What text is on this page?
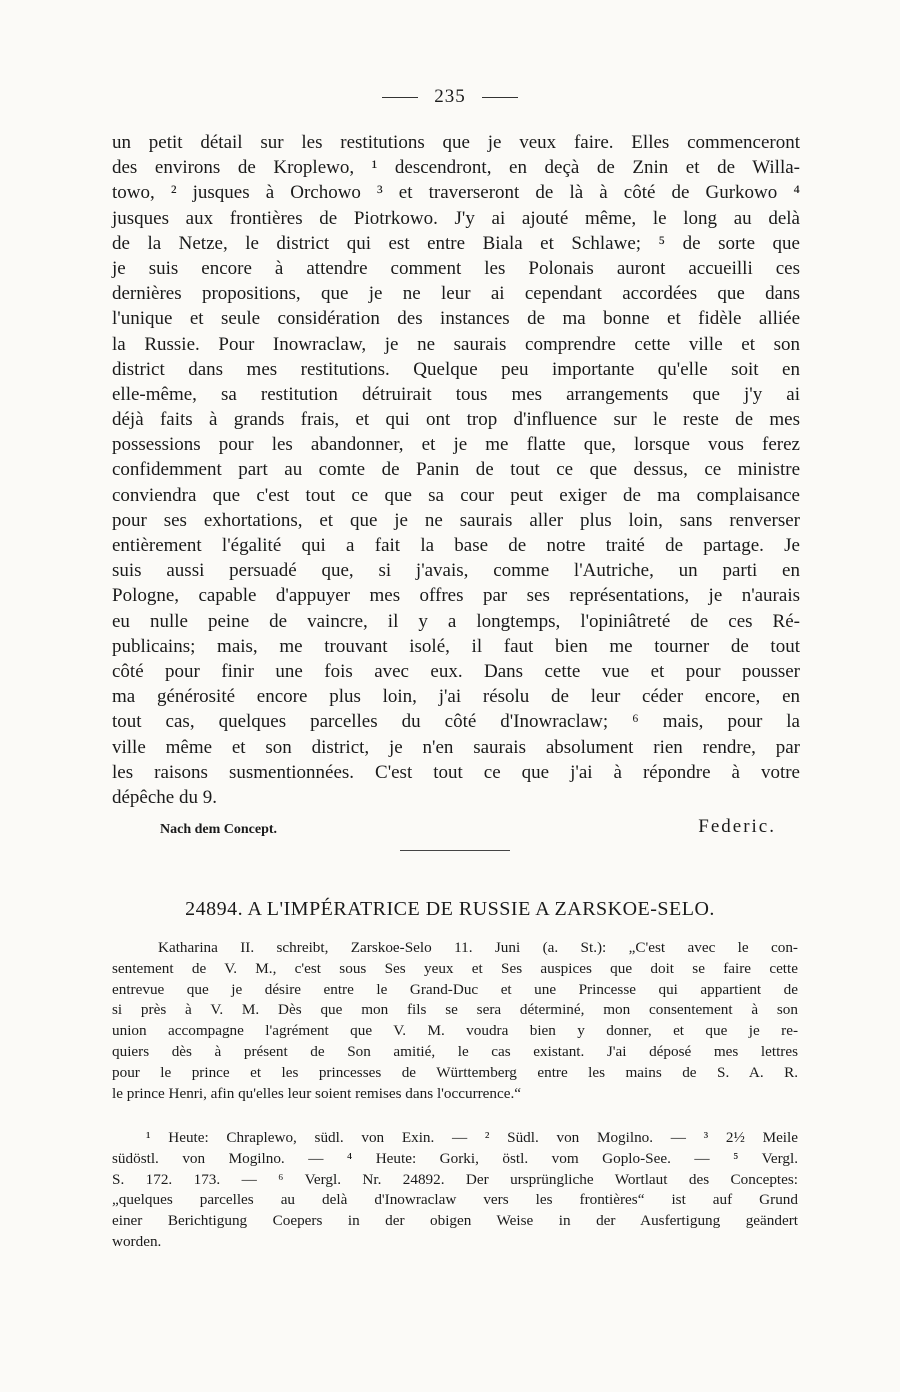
235
un petit détail sur les restitutions que je veux faire. Elles commenceront
des environs de Kroplewo, ¹ descendront, en deçà de Znin et de Willa-
towo, ² jusques à Orchowo ³ et traverseront de là à côté de Gurkowo ⁴
jusques aux frontières de Piotrkowo. J'y ai ajouté même, le long au delà
de la Netze, le district qui est entre Biala et Schlawe; ⁵ de sorte que
je suis encore à attendre comment les Polonais auront accueilli ces
dernières propositions, que je ne leur ai cependant accordées que dans
l'unique et seule considération des instances de ma bonne et fidèle alliée
la Russie. Pour Inowraclaw, je ne saurais comprendre cette ville et son
district dans mes restitutions. Quelque peu importante qu'elle soit en
elle-même, sa restitution détruirait tous mes arrangements que j'y ai
déjà faits à grands frais, et qui ont trop d'influence sur le reste de mes
possessions pour les abandonner, et je me flatte que, lorsque vous ferez
confidemment part au comte de Panin de tout ce que dessus, ce ministre
conviendra que c'est tout ce que sa cour peut exiger de ma complaisance
pour ses exhortations, et que je ne saurais aller plus loin, sans renverser
entièrement l'égalité qui a fait la base de notre traité de partage. Je
suis aussi persuadé que, si j'avais, comme l'Autriche, un parti en
Pologne, capable d'appuyer mes offres par ses représentations, je n'aurais
eu nulle peine de vaincre, il y a longtemps, l'opiniâtreté de ces Ré-
publicains; mais, me trouvant isolé, il faut bien me tourner de tout
côté pour finir une fois avec eux. Dans cette vue et pour pousser
ma générosité encore plus loin, j'ai résolu de leur céder encore, en
tout cas, quelques parcelles du côté d'Inowraclaw; ⁶ mais, pour la
ville même et son district, je n'en saurais absolument rien rendre, par
les raisons susmentionnées. C'est tout ce que j'ai à répondre à votre
dépêche du 9.
Nach dem Concept.	Federic.
24894. A L'IMPÉRATRICE DE RUSSIE A ZARSKOE-SELO.
Katharina II. schreibt, Zarskoe-Selo 11. Juni (a. St.): „C'est avec le con-
sentement de V. M., c'est sous Ses yeux et Ses auspices que doit se faire cette
entrevue que je désire entre le Grand-Duc et une Princesse qui appartient de
si près à V. M. Dès que mon fils se sera déterminé, mon consentement à son
union accompagne l'agrément que V. M. voudra bien y donner, et que je re-
quiers dès à présent de Son amitié, le cas existant. J'ai déposé mes lettres
pour le prince et les princesses de Württemberg entre les mains de S. A. R.
le prince Henri, afin qu'elles leur soient remises dans l'occurrence.“
¹ Heute: Chraplewo, südl. von Exin. — ² Südl. von Mogilno. — ³ 2½ Meile
südöstl. von Mogilno. — ⁴ Heute: Gorki, östl. vom Goplo-See. — ⁵ Vergl.
S. 172. 173. — ⁶ Vergl. Nr. 24892. Der ursprüngliche Wortlaut des Conceptes:
„quelques parcelles au delà d'Inowraclaw vers les frontières“ ist auf Grund
einer Berichtigung Coepers in der obigen Weise in der Ausfertigung geändert
worden.
